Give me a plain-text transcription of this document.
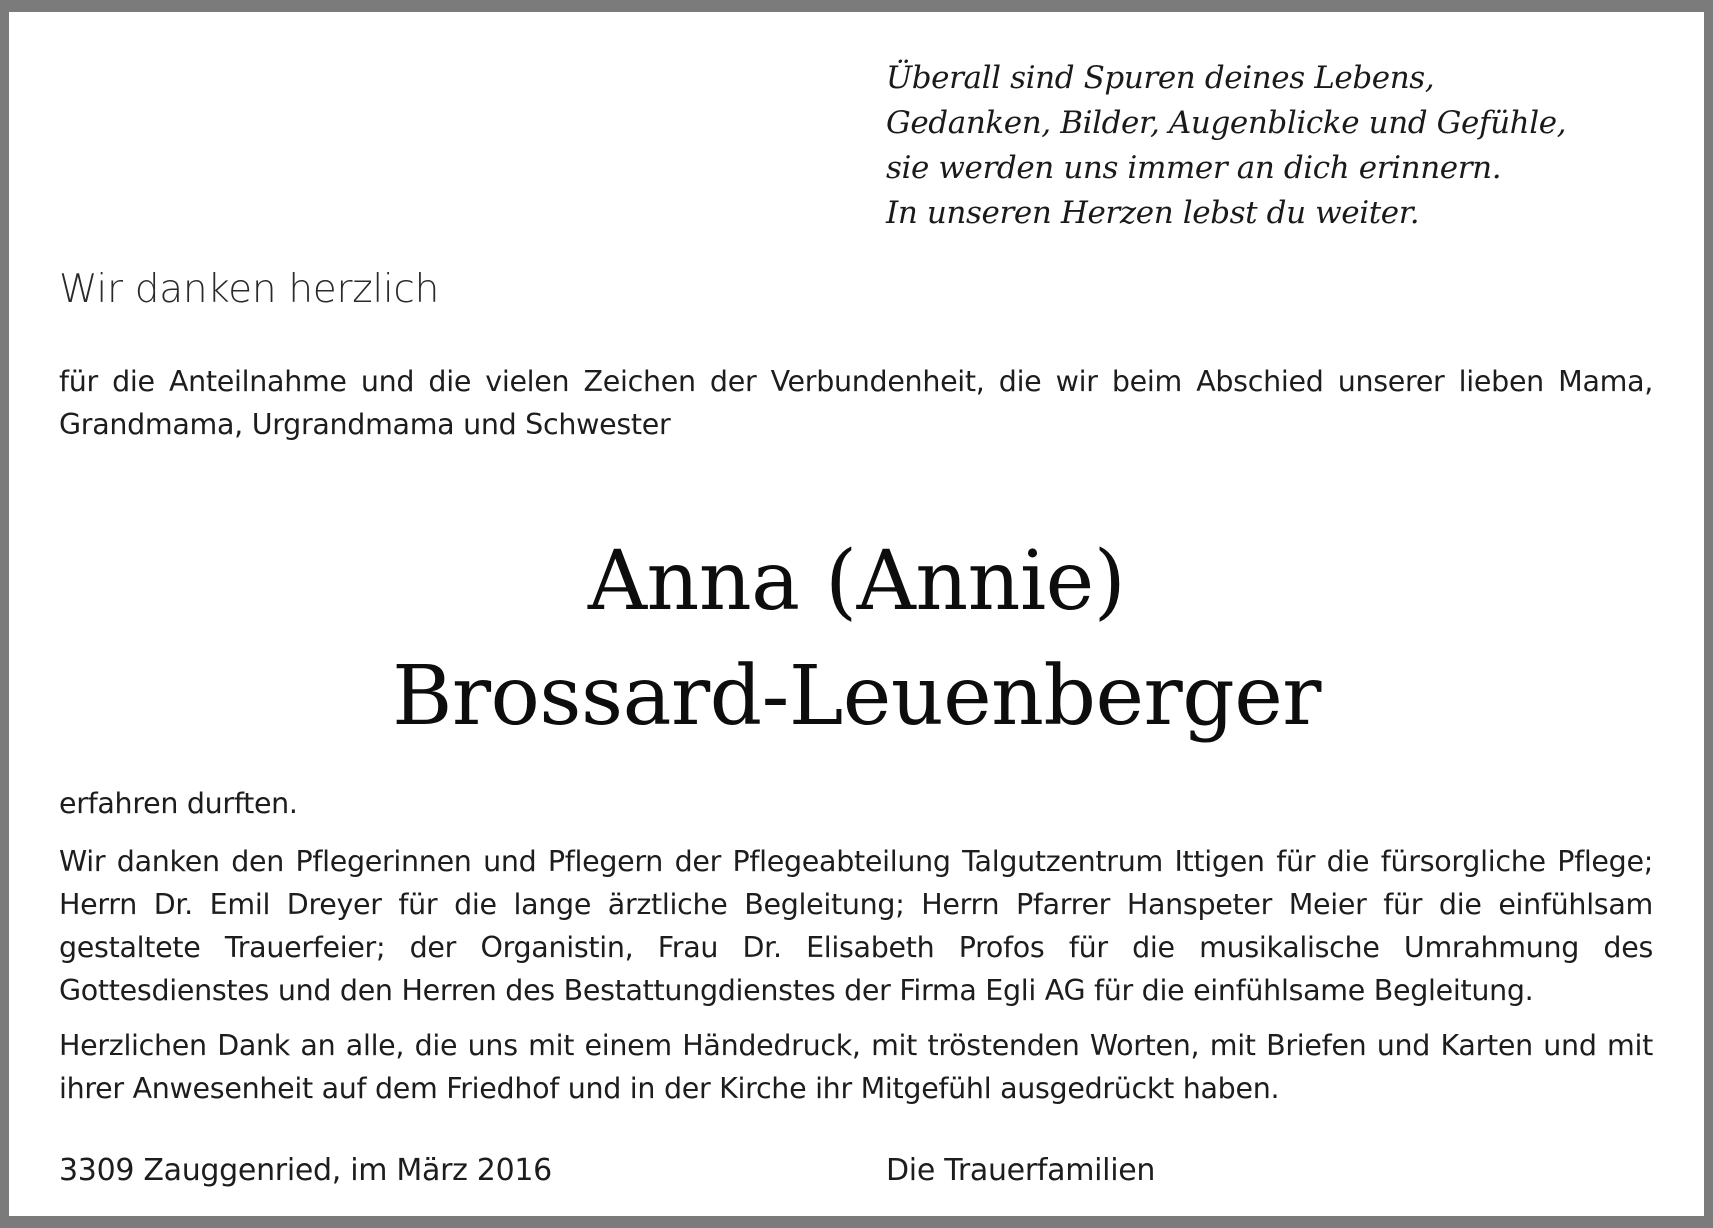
Überall sind Spuren deines Lebens,
Gedanken, Bilder, Augenblicke und Gefühle,
sie werden uns immer an dich erinnern.
In unseren Herzen lebst du weiter.
Wir danken herzlich
für die Anteilnahme und die vielen Zeichen der Verbundenheit, die wir beim Abschied unserer lieben Mama, Grandmama, Urgrandmama und Schwester
Anna (Annie)
Brossard-Leuenberger
erfahren durften.
Wir danken den Pflegerinnen und Pflegern der Pflegeabteilung Talgutzentrum Ittigen für die fürsorgliche Pflege; Herrn Dr. Emil Dreyer für die lange ärztliche Begleitung; Herrn Pfarrer Hanspeter Meier für die einfühlsam gestaltete Trauerfeier; der Organistin, Frau Dr. Elisabeth Profos für die musikalische Umrahmung des Gottesdienstes und den Herren des Bestattungdienstes der Firma Egli AG für die einfühlsame Begleitung.
Herzlichen Dank an alle, die uns mit einem Händedruck, mit tröstenden Worten, mit Briefen und Karten und mit ihrer Anwesenheit auf dem Friedhof und in der Kirche ihr Mitgefühl ausgedrückt haben.
3309 Zauggenried, im März 2016	Die Trauerfamilien
